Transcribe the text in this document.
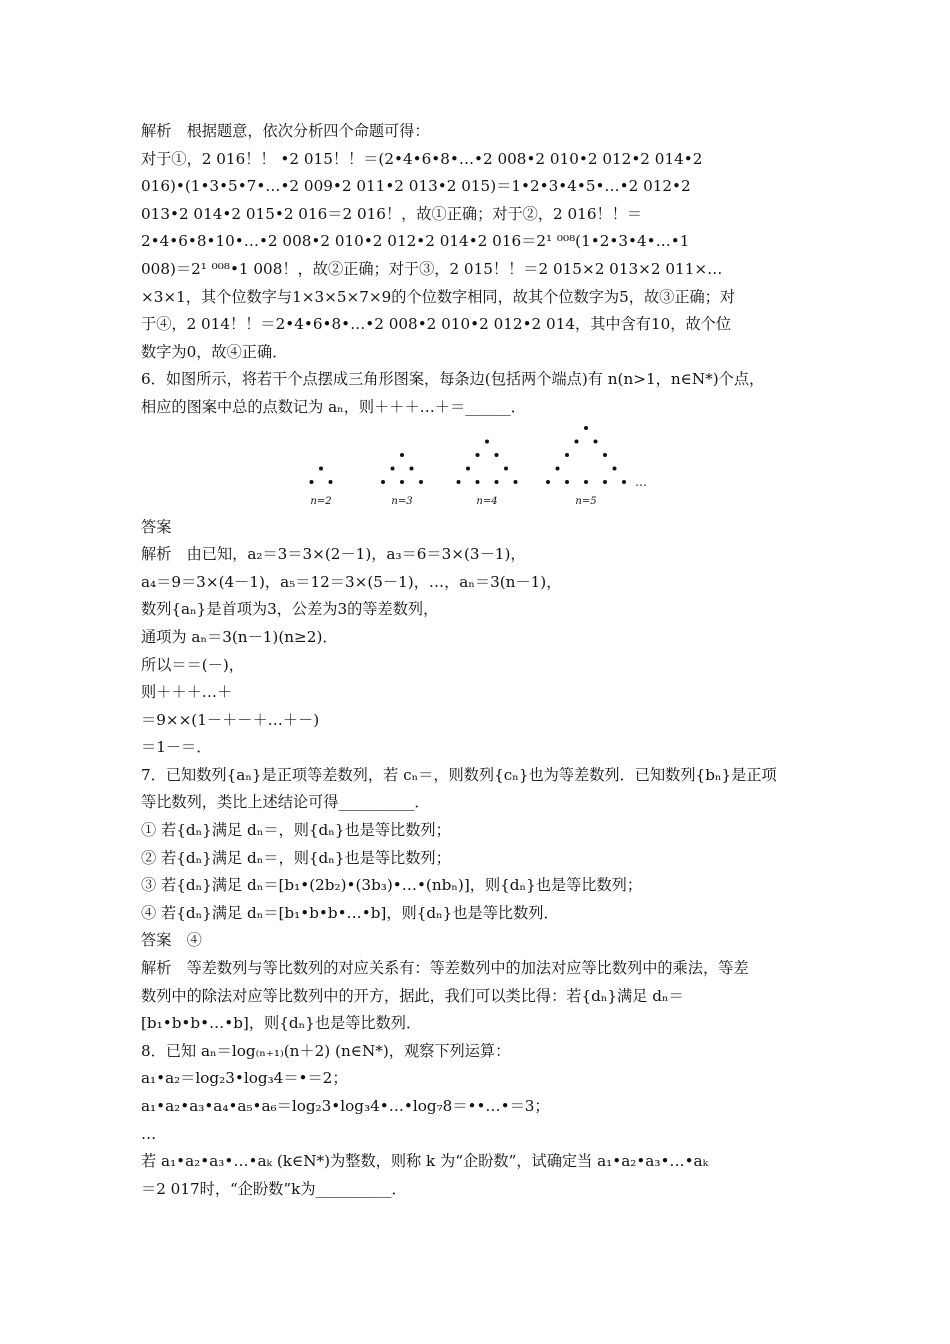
解析　根据题意，依次分析四个命题可得：
对于①，2 016！！ •2 015！！＝(2•4•6•8•…•2 008•2 010•2 012•2 014•2
016)•(1•3•5•7•…•2 009•2 011•2 013•2 015)＝1•2•3•4•5•…•2 012•2
013•2 014•2 015•2 016＝2 016！，故①正确；对于②，2 016！！＝
2•4•6•8•10•…•2 008•2 010•2 012•2 014•2 016＝2¹ ⁰⁰⁸(1•2•3•4•…•1
008)＝2¹ ⁰⁰⁸•1 008！，故②正确；对于③，2 015！！＝2 015×2 013×2 011×…
×3×1，其个位数字与1×3×5×7×9的个位数字相同，故其个位数字为5，故③正确；对
于④，2 014！！＝2•4•6•8•…•2 008•2 010•2 012•2 014，其中含有10，故个位
数字为0，故④正确．
6．如图所示，将若干个点摆成三角形图案，每条边(包括两个端点)有 n(n>1，n∈N*)个点，
相应的图案中总的点数记为 aₙ，则＋＋＋…＋＝______．
n=2	n=3	n=4	n=5
…
答案
解析　由已知，a₂＝3＝3×(2－1)，a₃＝6＝3×(3－1)，
a₄＝9＝3×(4－1)，a₅＝12＝3×(5－1)，…，aₙ＝3(n－1)，
数列{aₙ}是首项为3，公差为3的等差数列，
通项为 aₙ＝3(n－1)(n≥2)．
所以＝＝(－)，
则＋＋＋…＋
＝9××(1－＋－＋…＋－)
＝1－＝．
7．已知数列{aₙ}是正项等差数列，若 cₙ＝，则数列{cₙ}也为等差数列．已知数列{bₙ}是正项
等比数列，类比上述结论可得__________．
① 若{dₙ}满足 dₙ＝，则{dₙ}也是等比数列；
② 若{dₙ}满足 dₙ＝，则{dₙ}也是等比数列；
③ 若{dₙ}满足 dₙ＝[b₁•(2b₂)•(3b₃)•…•(nbₙ)]，则{dₙ}也是等比数列；
④ 若{dₙ}满足 dₙ＝[b₁•b•b•…•b]，则{dₙ}也是等比数列．
答案　④
解析　等差数列与等比数列的对应关系有：等差数列中的加法对应等比数列中的乘法，等差
数列中的除法对应等比数列中的开方，据此，我们可以类比得：若{dₙ}满足 dₙ＝
[b₁•b•b•…•b]，则{dₙ}也是等比数列．
8．已知 aₙ＝log₍ₙ₊₁₎(n＋2) (n∈N*)，观察下列运算：
a₁•a₂＝log₂3•log₃4＝•＝2；
a₁•a₂•a₃•a₄•a₅•a₆＝log₂3•log₃4•…•log₇8＝••…•＝3；
…
若 a₁•a₂•a₃•…•aₖ (k∈N*)为整数，则称 k 为“企盼数”，试确定当 a₁•a₂•a₃•…•aₖ
＝2 017时，“企盼数”k为__________．
